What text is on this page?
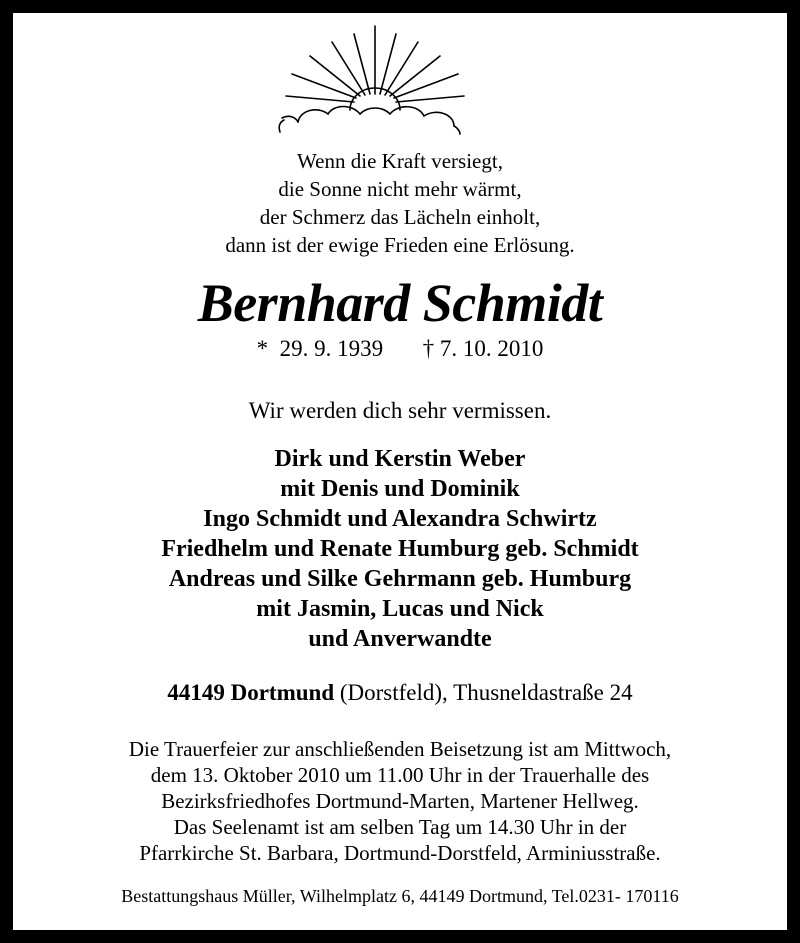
Wenn die Kraft versiegt,
die Sonne nicht mehr wärmt,
der Schmerz das Lächeln einholt,
dann ist der ewige Frieden eine Erlösung.
Bernhard Schmidt
* 29. 9. 1939 † 7. 10. 2010
Wir werden dich sehr vermissen.
Dirk und Kerstin Weber
mit Denis und Dominik
Ingo Schmidt und Alexandra Schwirtz
Friedhelm und Renate Humburg geb. Schmidt
Andreas und Silke Gehrmann geb. Humburg
mit Jasmin, Lucas und Nick
und Anverwandte
44149 Dortmund (Dorstfeld), Thusneldastraße 24
Die Trauerfeier zur anschließenden Beisetzung ist am Mittwoch,
dem 13. Oktober 2010 um 11.00 Uhr in der Trauerhalle des
Bezirksfriedhofes Dortmund-Marten, Martener Hellweg.
Das Seelenamt ist am selben Tag um 14.30 Uhr in der
Pfarrkirche St. Barbara, Dortmund-Dorstfeld, Arminiusstraße.
Bestattungshaus Müller, Wilhelmplatz 6, 44149 Dortmund, Tel.0231- 170116
